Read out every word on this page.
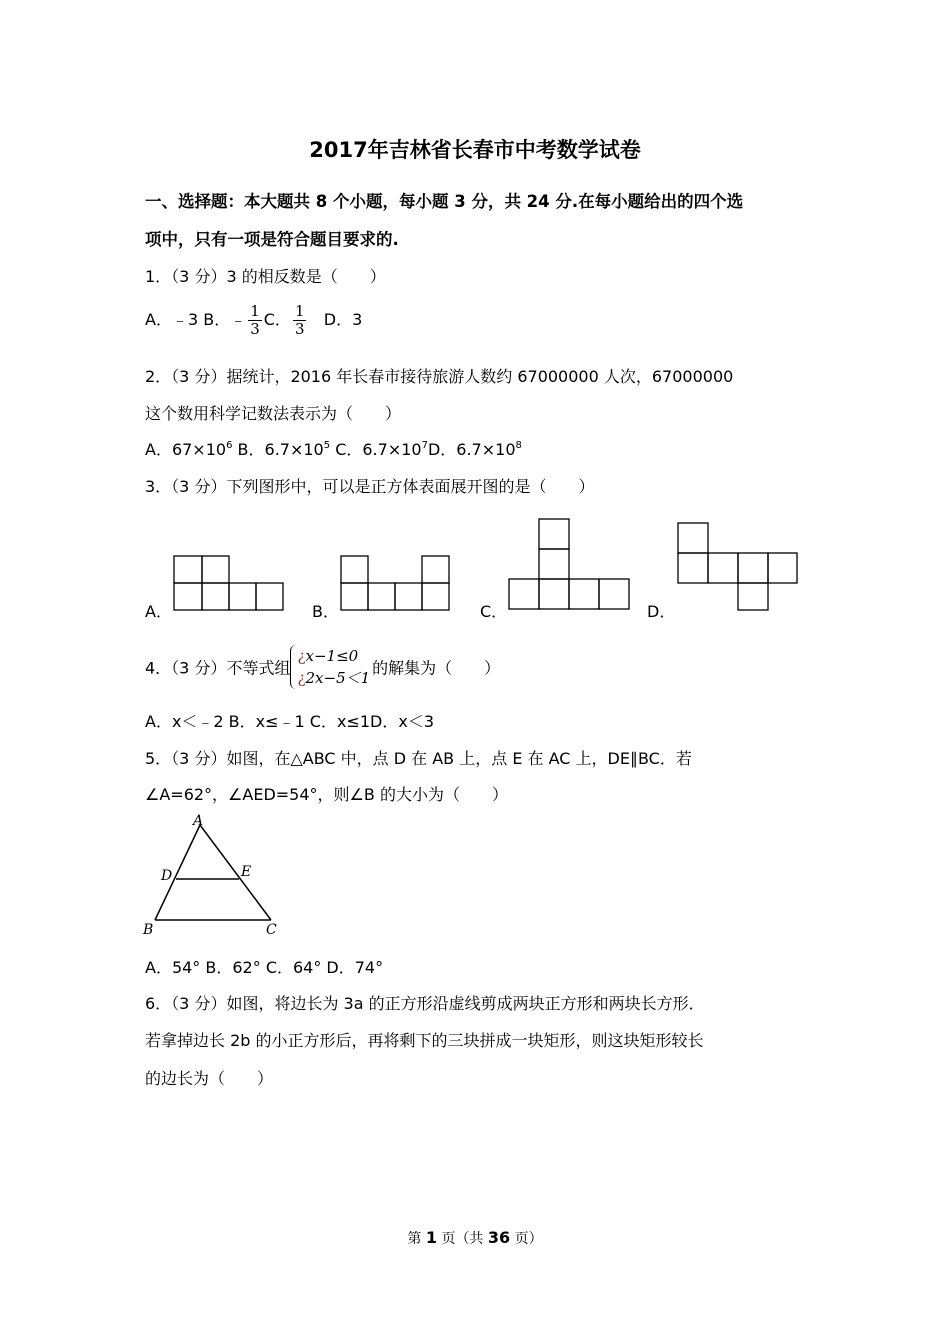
2017年吉林省长春市中考数学试卷
一、选择题：本大题共 8 个小题，每小题 3 分，共 24 分.在每小题给出的四个选
项中，只有一项是符合题目要求的.
1．（3 分）3 的相反数是（　　）
A．﹣3 B．﹣ $\frac{1}{3}$ C． $\frac{1}{3}$ D．3
2．（3 分）据统计，2016 年长春市接待旅游人数约 67000000 人次，67000000
这个数用科学记数法表示为（　　）
A．$67\times 10^6$ B．$6.7\times 10^5$ C．$6.7\times 10^7D$．$6.7\times 10^8$
3．（3 分）下列图形中，可以是正方体表面展开图的是（　　）
A．	B．	C．	D．
4．（3 分）不等式组¿x−1≤0
¿2x−5＜1的解集为（　　）
A．x＜﹣2 B．x≤﹣1 C．x≤1D．x＜3
5．（3 分）如图，在△ABC 中，点 D 在 AB 上，点 E 在 AC 上，DE∥BC．若
∠A=62°，∠AED=54°，则∠B 的大小为（　　）
A
D	E
B	C
A．54° B．62° C．64° D．74°
6．（3 分）如图，将边长为 3a 的正方形沿虚线剪成两块正方形和两块长方形．
若拿掉边长 2b 的小正方形后，再将剩下的三块拼成一块矩形，则这块矩形较长
的边长为（　　）
第 1 页（共 36 页）
